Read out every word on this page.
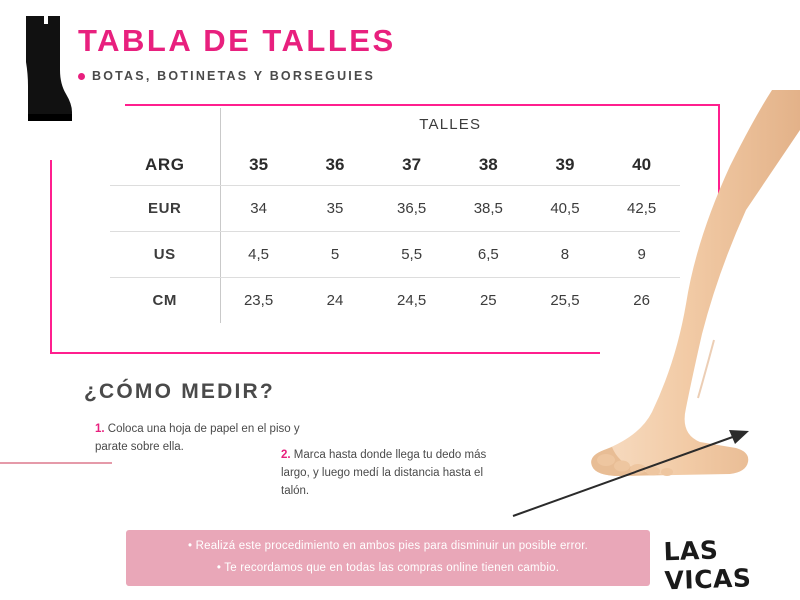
TABLA DE TALLES
BOTAS, BOTINETAS Y BORSEGUIES
	TALLES					
ARG	35	36	37	38	39	40
EUR	34	35	36,5	38,5	40,5	42,5
US	4,5	5	5,5	6,5	8	9
CM	23,5	24	24,5	25	25,5	26
¿CÓMO MEDIR?
1. Coloca una hoja de papel en el piso y parate sobre ella.
2. Marca hasta donde llega tu dedo más largo, y luego medí la distancia hasta el talón.
• Realizá este procedimiento en ambos pies para disminuir un posible error.
• Te recordamos que en todas las compras online tienen cambio.
LAS VICAS
